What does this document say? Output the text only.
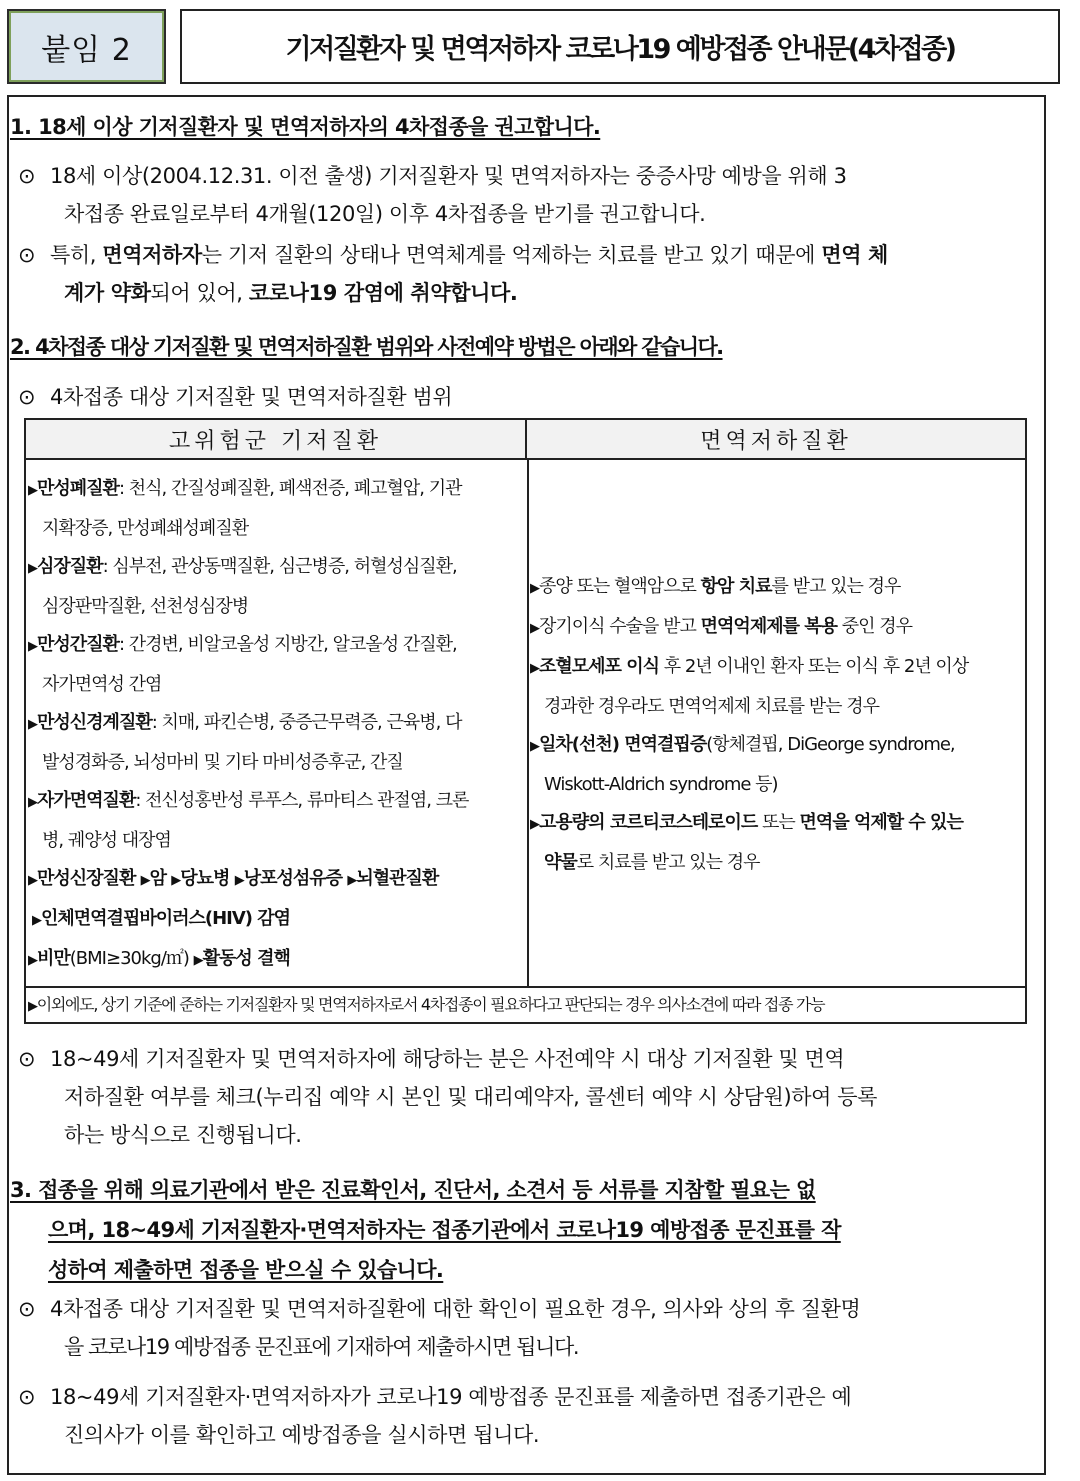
붙임 2	기저질환자 및 면역저하자 코로나19 예방접종 안내문(4차접종)
1. 18세 이상 기저질환자 및 면역저하자의 4차접종을 권고합니다.
⊙ 18세 이상(2004.12.31. 이전 출생) 기저질환자 및 면역저하자는 중증사망 예방을 위해 3
차접종 완료일로부터 4개월(120일) 이후 4차접종을 받기를 권고합니다.
⊙ 특히, 면역저하자는 기저 질환의 상태나 면역체계를 억제하는 치료를 받고 있기 때문에 면역 체
계가 약화되어 있어, 코로나19 감염에 취약합니다.
2. 4차접종 대상 기저질환 및 면역저하질환 범위와 사전예약 방법은 아래와 같습니다.
⊙ 4차접종 대상 기저질환 및 면역저하질환 범위
고위험군 기저질환	면역저하질환
▶만성폐질환: 천식, 간질성폐질환, 폐색전증, 폐고혈압, 기관
지확장증, 만성폐쇄성폐질환
▶심장질환: 심부전, 관상동맥질환, 심근병증, 허혈성심질환,
심장판막질환, 선천성심장병
▶만성간질환: 간경변, 비알코올성 지방간, 알코올성 간질환,
자가면역성 간염
▶만성신경계질환: 치매, 파킨슨병, 중증근무력증, 근육병, 다
발성경화증, 뇌성마비 및 기타 마비성증후군, 간질
▶자가면역질환: 전신성홍반성 루푸스, 류마티스 관절염, 크론
병, 궤양성 대장염
▶만성신장질환 ▶암 ▶당뇨병 ▶낭포성섬유증 ▶뇌혈관질환
▶인체면역결핍바이러스(HIV) 감염
▶비만(BMI≥30kg/㎡) ▶활동성 결핵
▶종양 또는 혈액암으로 항암 치료를 받고 있는 경우
▶장기이식 수술을 받고 면역억제제를 복용 중인 경우
▶조혈모세포 이식 후 2년 이내인 환자 또는 이식 후 2년 이상
경과한 경우라도 면역억제제 치료를 받는 경우
▶일차(선천) 면역결핍증(항체결핍, DiGeorge syndrome,
Wiskott-Aldrich syndrome 등)
▶고용량의 코르티코스테로이드 또는 면역을 억제할 수 있는
약물로 치료를 받고 있는 경우
▶이외에도, 상기 기준에 준하는 기저질환자 및 면역저하자로서 4차접종이 필요하다고 판단되는 경우 의사소견에 따라 접종 가능
⊙ 18~49세 기저질환자 및 면역저하자에 해당하는 분은 사전예약 시 대상 기저질환 및 면역
저하질환 여부를 체크(누리집 예약 시 본인 및 대리예약자, 콜센터 예약 시 상담원)하여 등록
하는 방식으로 진행됩니다.
3. 접종을 위해 의료기관에서 받은 진료확인서, 진단서, 소견서 등 서류를 지참할 필요는 없
으며, 18~49세 기저질환자·면역저하자는 접종기관에서 코로나19 예방접종 문진표를 작
성하여 제출하면 접종을 받으실 수 있습니다.
⊙ 4차접종 대상 기저질환 및 면역저하질환에 대한 확인이 필요한 경우, 의사와 상의 후 질환명
을 코로나19 예방접종 문진표에 기재하여 제출하시면 됩니다.
⊙ 18~49세 기저질환자·면역저하자가 코로나19 예방접종 문진표를 제출하면 접종기관은 예
진의사가 이를 확인하고 예방접종을 실시하면 됩니다.
